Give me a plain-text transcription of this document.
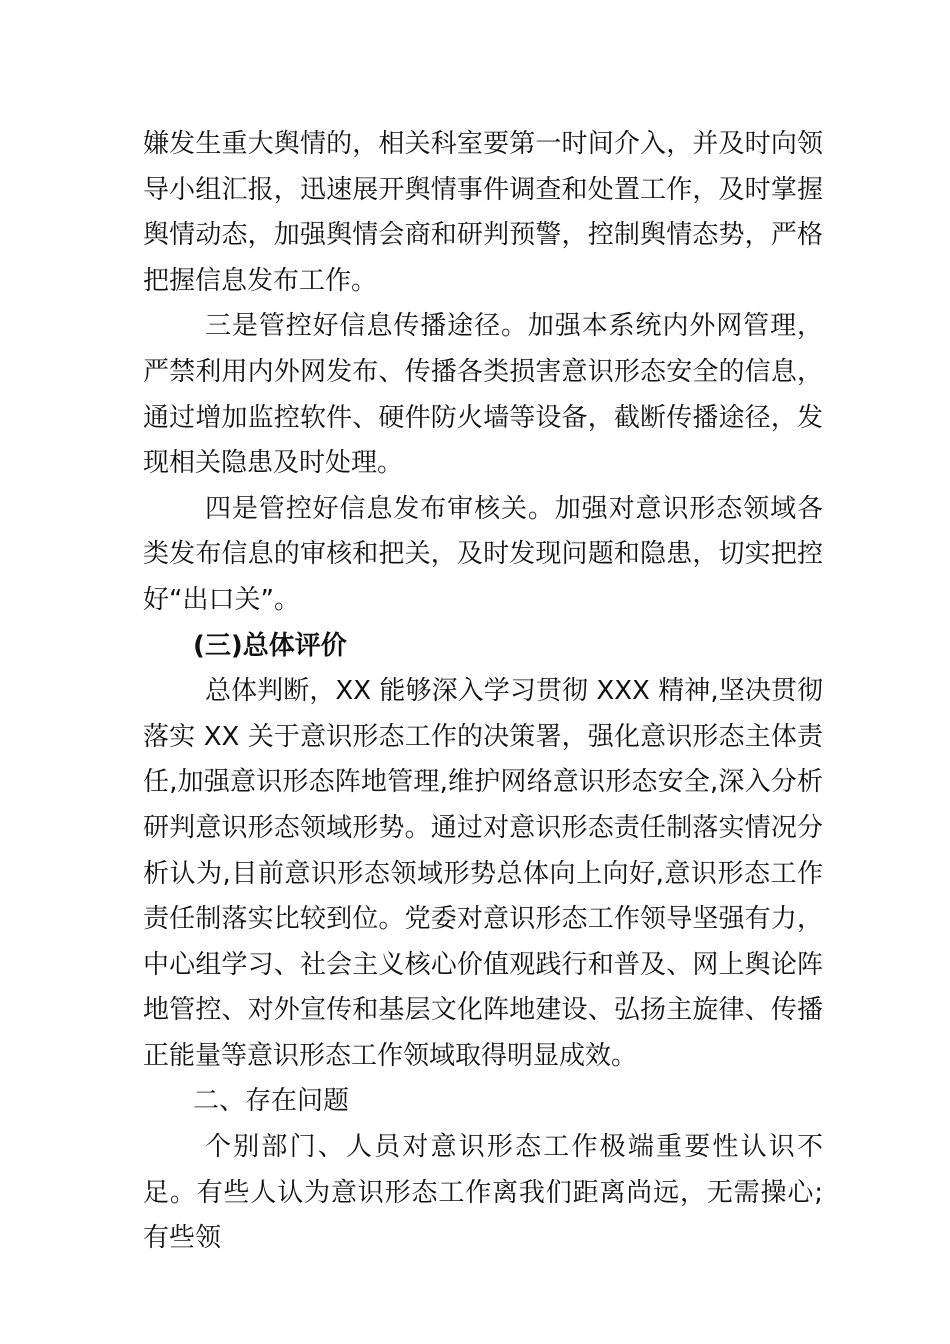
嫌发生重大舆情的，相关科室要第一时间介入，并及时向领导小组汇报，迅速展开舆情事件调查和处置工作，及时掌握舆情动态，加强舆情会商和研判预警，控制舆情态势，严格把握信息发布工作。

三是管控好信息传播途径。加强本系统内外网管理，严禁利用内外网发布、传播各类损害意识形态安全的信息，通过增加监控软件、硬件防火墙等设备，截断传播途径，发现相关隐患及时处理。

四是管控好信息发布审核关。加强对意识形态领域各类发布信息的审核和把关，及时发现问题和隐患，切实把控好“出口关”。

(三)总体评价

总体判断，XX 能够深入学习贯彻 XXX 精神,坚决贯彻落实 XX 关于意识形态工作的决策署，强化意识形态主体责任,加强意识形态阵地管理,维护网络意识形态安全,深入分析研判意识形态领域形势。通过对意识形态责任制落实情况分析认为,目前意识形态领域形势总体向上向好,意识形态工作责任制落实比较到位。党委对意识形态工作领导坚强有力， 中心组学习、社会主义核心价值观践行和普及、网上舆论阵地管控、对外宣传和基层文化阵地建设、弘扬主旋律、传播正能量等意识形态工作领域取得明显成效。

二、存在问题

个别部门、人员对意识形态工作极端重要性认识不足。有些人认为意识形态工作离我们距离尚远，无需操心;有些领
